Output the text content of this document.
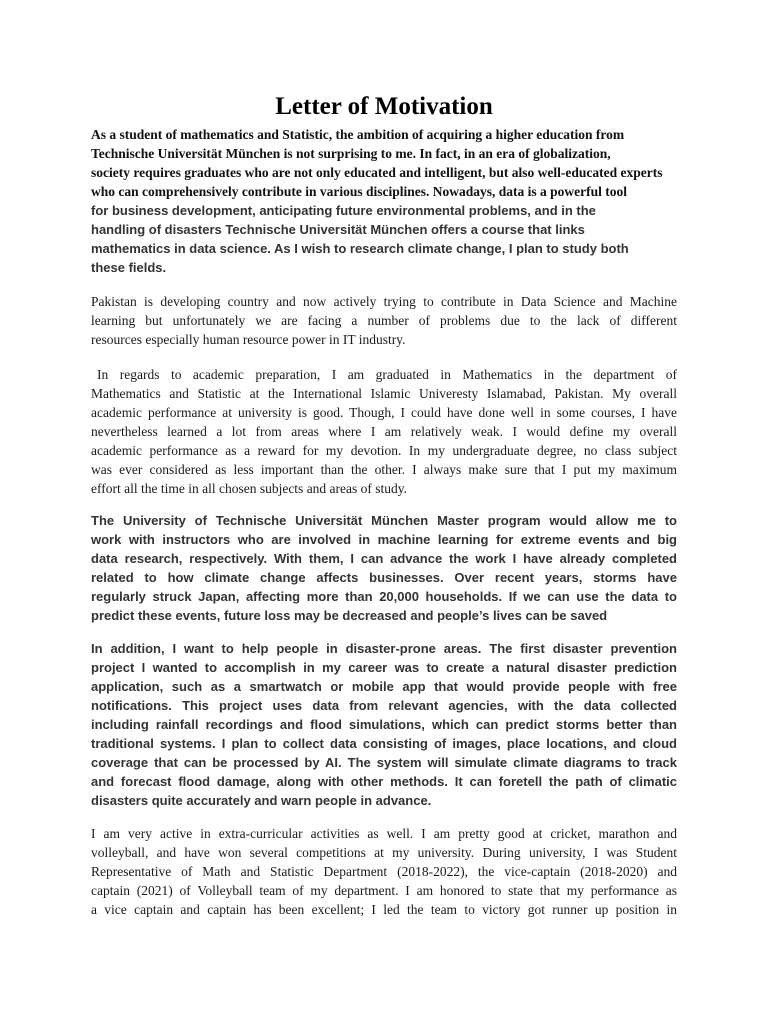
Letter of Motivation
As a student of mathematics and Statistic, the ambition of acquiring a higher education from
Technische Universität München is not surprising to me. In fact, in an era of globalization,
society requires graduates who are not only educated and intelligent, but also well-educated experts
who can comprehensively contribute in various disciplines. Nowadays, data is a powerful tool
for business development, anticipating future environmental problems, and in the
handling of disasters Technische Universität München offers a course that links
mathematics in data science. As I wish to research climate change, I plan to study both
these fields.
Pakistan is developing country and now actively trying to contribute in Data Science and Machine
learning but unfortunately we are facing a number of problems due to the lack of different
resources especially human resource power in IT industry.
In regards to academic preparation, I am graduated in Mathematics in the department of
Mathematics and Statistic at the International Islamic Univeresty Islamabad, Pakistan. My overall
academic performance at university is good. Though, I could have done well in some courses, I have
nevertheless learned a lot from areas where I am relatively weak. I would define my overall
academic performance as a reward for my devotion. In my undergraduate degree, no class subject
was ever considered as less important than the other. I always make sure that I put my maximum
effort all the time in all chosen subjects and areas of study.
The University of Technische Universität München Master program would allow me to
work with instructors who are involved in machine learning for extreme events and big
data research, respectively. With them, I can advance the work I have already completed
related to how climate change affects businesses. Over recent years, storms have
regularly struck Japan, affecting more than 20,000 households. If we can use the data to
predict these events, future loss may be decreased and people’s lives can be saved
In addition, I want to help people in disaster-prone areas. The first disaster prevention
project I wanted to accomplish in my career was to create a natural disaster prediction
application, such as a smartwatch or mobile app that would provide people with free
notifications. This project uses data from relevant agencies, with the data collected
including rainfall recordings and flood simulations, which can predict storms better than
traditional systems. I plan to collect data consisting of images, place locations, and cloud
coverage that can be processed by AI. The system will simulate climate diagrams to track
and forecast flood damage, along with other methods. It can foretell the path of climatic
disasters quite accurately and warn people in advance.
I am very active in extra-curricular activities as well. I am pretty good at cricket, marathon and
volleyball, and have won several competitions at my university. During university, I was Student
Representative of Math and Statistic Department (2018-2022), the vice-captain (2018-2020) and
captain (2021) of Volleyball team of my department. I am honored to state that my performance as
a vice captain and captain has been excellent; I led the team to victory got runner up position in
